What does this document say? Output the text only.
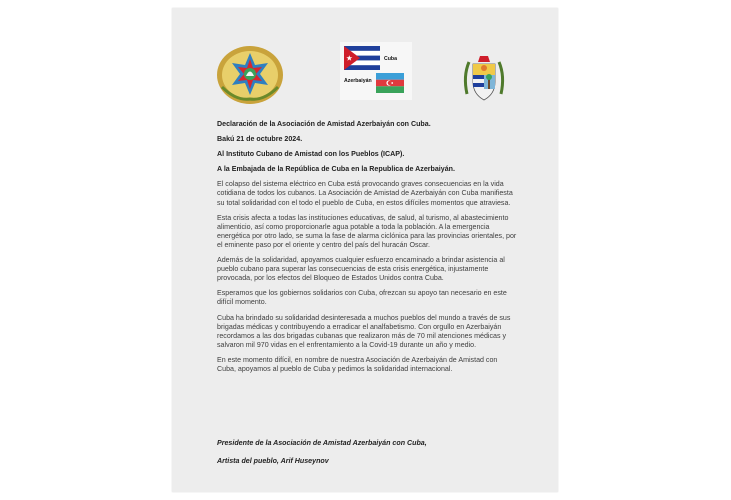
Cuba
Azerbaiyán

Declaración de la Asociación de Amistad Azerbaiyán con Cuba.

Bakú 21 de octubre 2024.

Al Instituto Cubano de Amistad con los Pueblos (ICAP).

A la Embajada de la República de Cuba en la Republica de Azerbaiyán.

El colapso del sistema eléctrico en Cuba está provocando graves consecuencias en la vida cotidiana de todos los cubanos. La Asociación de Amistad de Azerbaiyán con Cuba manifiesta su total solidaridad con el todo el pueblo de Cuba, en estos difíciles momentos que atraviesa.

Esta crisis afecta a todas las instituciones educativas, de salud, al turismo, al abastecimiento alimenticio, así como proporcionarle agua potable a toda la población. A la emergencia energética por otro lado, se suma la fase de alarma ciclónica para las provincias orientales, por el eminente paso por el oriente y centro del país del huracán Oscar.

Además de la solidaridad, apoyamos cualquier esfuerzo encaminado a brindar asistencia al pueblo cubano para superar las consecuencias de esta crisis energética, injustamente provocada, por los efectos del Bloqueo de Estados Unidos contra Cuba.

Esperamos que los gobiernos solidarios con Cuba, ofrezcan su apoyo tan necesario en este difícil momento.

Cuba ha brindado su solidaridad desinteresada a muchos pueblos del mundo a través de sus brigadas médicas y contribuyendo a erradicar el analfabetismo. Con orgullo en Azerbaiyán recordamos a las dos brigadas cubanas que realizaron más de 70 mil atenciones médicas y salvaron mil 970 vidas en el enfrentamiento a la Covid-19 durante un año y medio.

En este momento difícil, en nombre de nuestra Asociación de Azerbaiyán de Amistad con Cuba, apoyamos al pueblo de Cuba y pedimos la solidaridad internacional.

Presidente de la Asociación de Amistad Azerbaiyán con Cuba,

Artista del pueblo, Arif Huseynov
